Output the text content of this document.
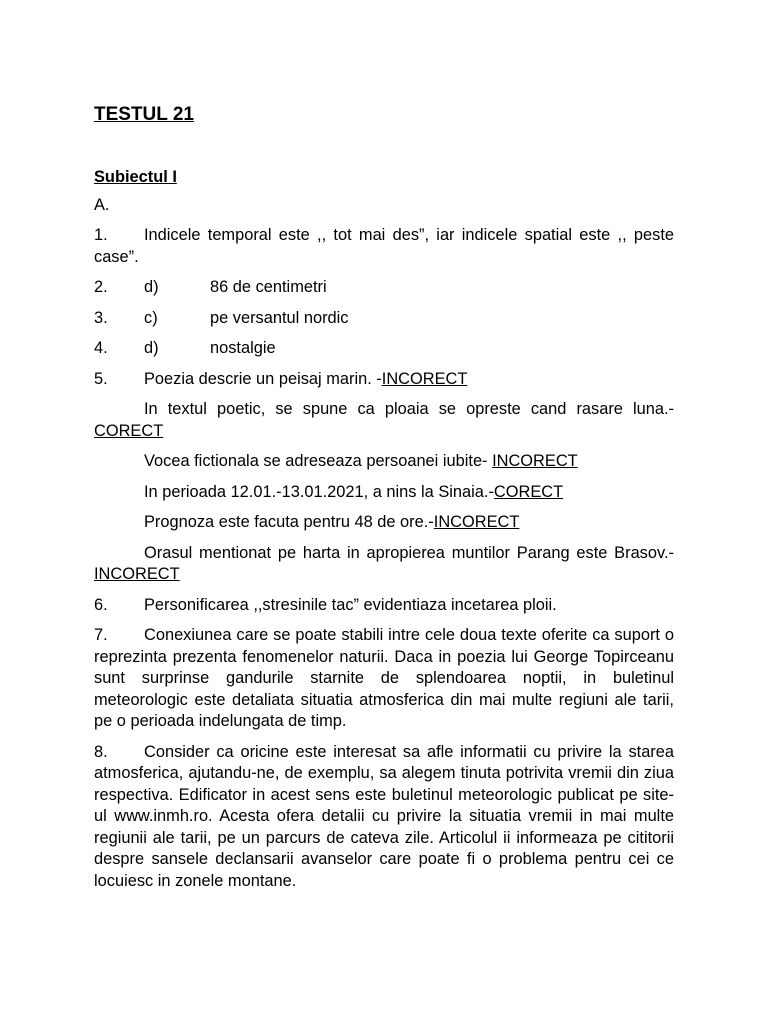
TESTUL 21

Subiectul I

A.

1. Indicele temporal este ,, tot mai des”, iar indicele spatial este ,, peste case”.

2. d)	86 de centimetri

3. c)	pe versantul nordic

4. d)	nostalgie

5. Poezia descrie un peisaj marin. -INCORECT

In textul poetic, se spune ca ploaia se opreste cand rasare luna.-CORECT

Vocea fictionala se adreseaza persoanei iubite- INCORECT

In perioada 12.01.-13.01.2021, a nins la Sinaia.-CORECT

Prognoza este facuta pentru 48 de ore.-INCORECT

Orasul mentionat pe harta in apropierea muntilor Parang este Brasov.-INCORECT

6. Personificarea ,,stresinile tac” evidentiaza incetarea ploii.

7. Conexiunea care se poate stabili intre cele doua texte oferite ca suport o reprezinta prezenta fenomenelor naturii. Daca in poezia lui George Topirceanu sunt surprinse gandurile starnite de splendoarea noptii, in buletinul meteorologic este detaliata situatia atmosferica din mai multe regiuni ale tarii, pe o perioada indelungata de timp.

8. Consider ca oricine este interesat sa afle informatii cu privire la starea atmosferica, ajutandu-ne, de exemplu, sa alegem tinuta potrivita vremii din ziua respectiva. Edificator in acest sens este buletinul meteorologic publicat pe site-ul www.inmh.ro. Acesta ofera detalii cu privire la situatia vremii in mai multe regiunii ale tarii, pe un parcurs de cateva zile. Articolul ii informeaza pe cititorii despre sansele declansarii avanselor care poate fi o problema pentru cei ce locuiesc in zonele montane.
